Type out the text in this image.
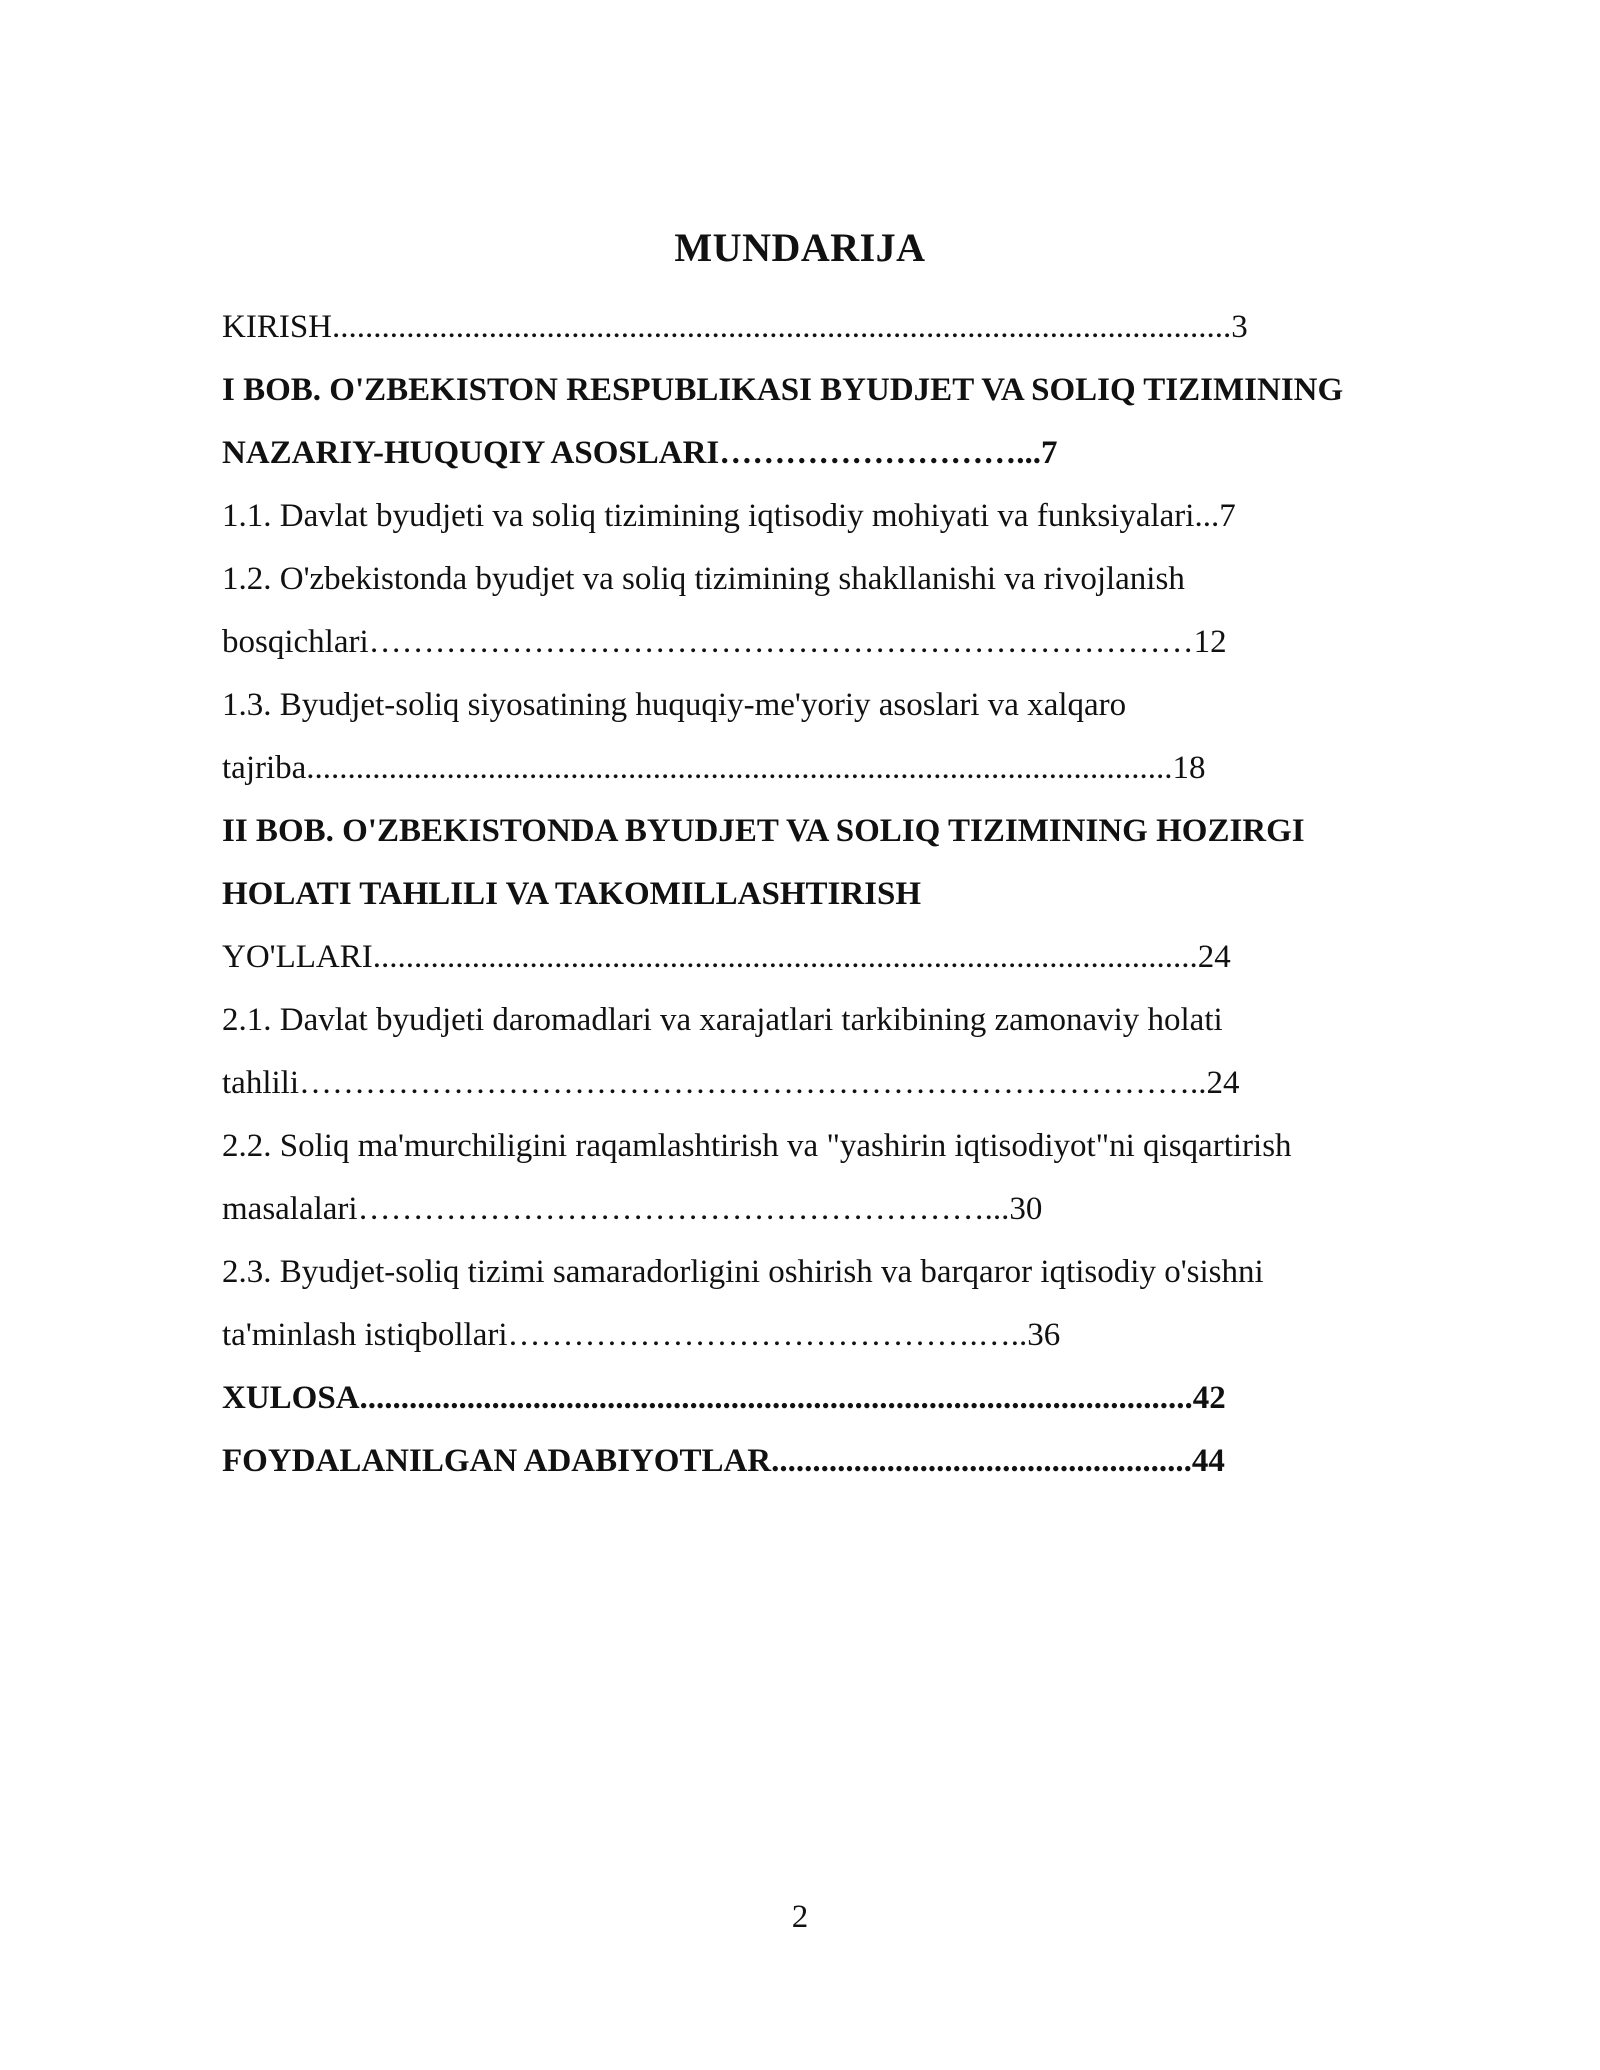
MUNDARIJA
KIRISH.............................................................................................................3
I BOB. O'ZBEKISTON RESPUBLIKASI BYUDJET VA SOLIQ TIZIMINING
NAZARIY-HUQUQIY ASOSLARI………………………...7
1.1. Davlat byudjeti va soliq tizimining iqtisodiy mohiyati va funksiyalari...7
1.2. O'zbekistonda byudjet va soliq tizimining shakllanishi va rivojlanish
bosqichlari…………………………………………………………………12
1.3. Byudjet-soliq siyosatining huquqiy-me'yoriy asoslari va xalqaro
tajriba.........................................................................................................18
II BOB. O'ZBEKISTONDA BYUDJET VA SOLIQ TIZIMINING HOZIRGI
HOLATI TAHLILI VA TAKOMILLASHTIRISH
YO'LLARI....................................................................................................24
2.1. Davlat byudjeti daromadlari va xarajatlari tarkibining zamonaviy holati
tahlili………………………………………………………………………..24
2.2. Soliq ma'murchiligini raqamlashtirish va "yashirin iqtisodiyot"ni qisqartirish
masalalari…………………………………………………...30
2.3. Byudjet-soliq tizimi samaradorligini oshirish va barqaror iqtisodiy o'sishni
ta'minlash istiqbollari…………………………………….…..36
XULOSA.....................................................................................................42
FOYDALANILGAN ADABIYOTLAR...................................................44
2
